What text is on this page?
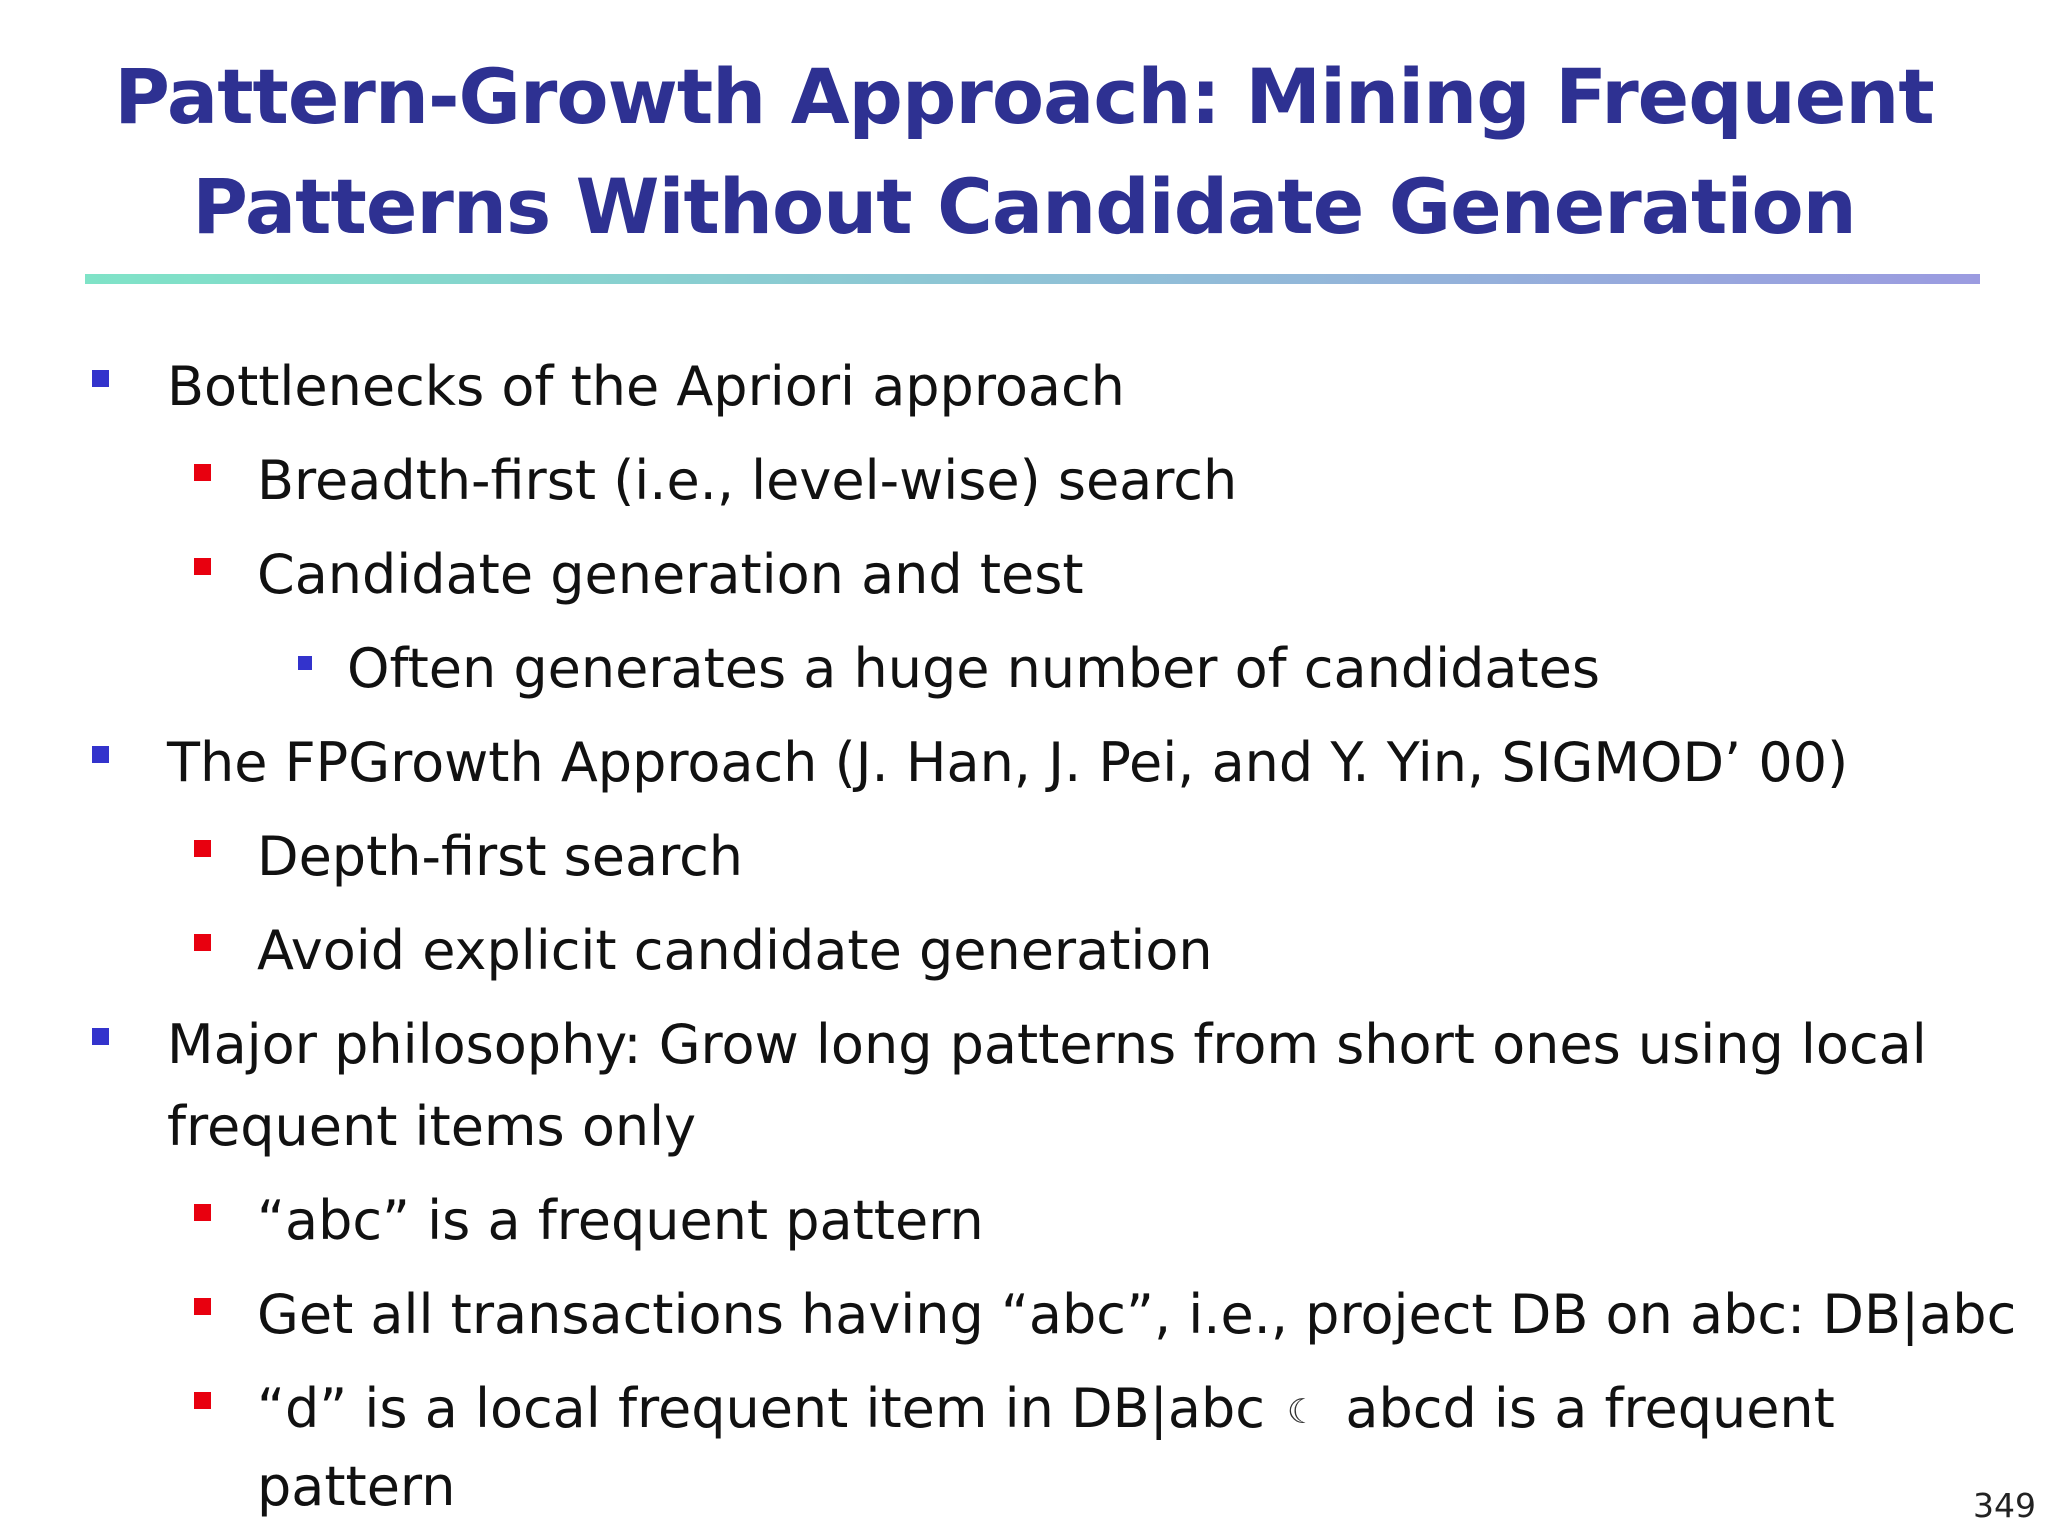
Pattern-Growth Approach: Mining Frequent
Patterns Without Candidate Generation
Bottlenecks of the Apriori approach
Breadth-first (i.e., level-wise) search
Candidate generation and test
Often generates a huge number of candidates
The FPGrowth Approach (J. Han, J. Pei, and Y. Yin, SIGMOD’ 00)
Depth-first search
Avoid explicit candidate generation
Major philosophy: Grow long patterns from short ones using local
frequent items only
“abc” is a frequent pattern
Get all transactions having “abc”, i.e., project DB on abc: DB|abc
“d” is a local frequent item in DB|abc ☾ abcd is a frequent
pattern	349
